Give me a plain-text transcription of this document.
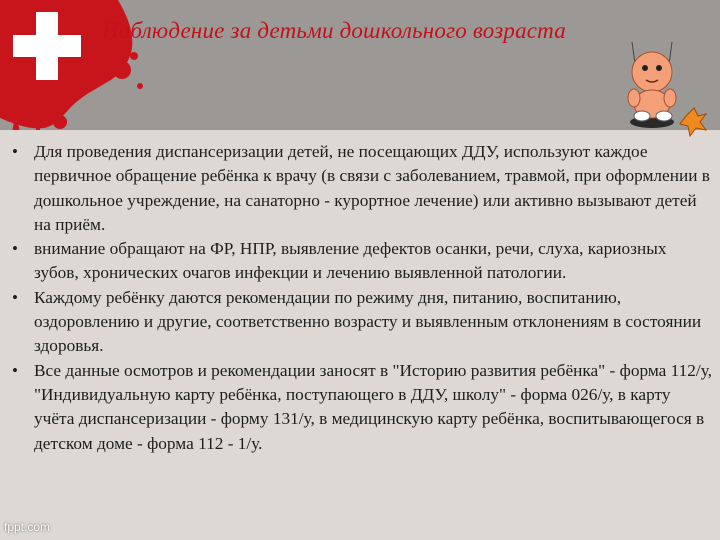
Наблюдение за детьми дошкольного возраста
• Для проведения диспансеризации детей, не посещающих ДДУ, используют каждое первичное обращение ребёнка к врачу (в связи с заболеванием, травмой, при оформлении в дошкольное учреждение, на санаторно - курортное лечение) или активно вызывают детей на приём.
• внимание обращают на ФР, НПР, выявление дефектов осанки, речи, слуха, кариозных зубов, хронических очагов инфекции и лечению выявленной патологии.
• Каждому ребёнку даются рекомендации по режиму дня, питанию, воспитанию, оздоровлению и другие, соответственно возрасту и выявленным отклонениям в состоянии здоровья.
• Все данные осмотров и рекомендации заносят в "Историю развития ребёнка" - форма 112/у, "Индивидуальную карту ребёнка, поступающего в ДДУ, школу" - форма 026/у, в карту учёта диспансеризации - форму 131/у, в медицинскую карту ребёнка, воспитывающегося в детском доме - форма 112 - 1/у.
fppt.com
